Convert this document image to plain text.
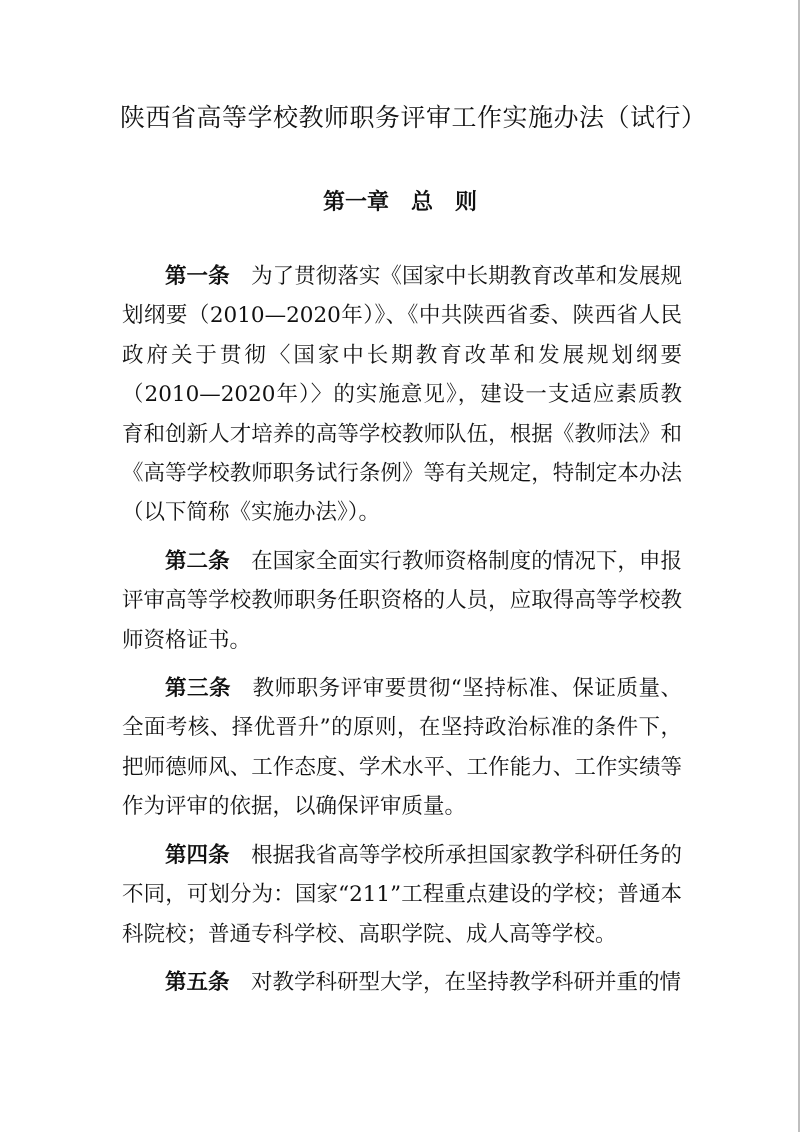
陕西省高等学校教师职务评审工作实施办法（试行）
第一章　总　则

第一条 为了贯彻落实《国家中长期教育改革和发展规划纲要（2010—2020年）》、《中共陕西省委、陕西省人民政府关于贯彻〈国家中长期教育改革和发展规划纲要（2010—2020年）〉的实施意见》，建设一支适应素质教育和创新人才培养的高等学校教师队伍，根据《教师法》和《高等学校教师职务试行条例》等有关规定，特制定本办法（以下简称《实施办法》）。

第二条 在国家全面实行教师资格制度的情况下，申报评审高等学校教师职务任职资格的人员，应取得高等学校教师资格证书。

第三条 教师职务评审要贯彻“坚持标准、保证质量、全面考核、择优晋升”的原则，在坚持政治标准的条件下，把师德师风、工作态度、学术水平、工作能力、工作实绩等作为评审的依据，以确保评审质量。

第四条 根据我省高等学校所承担国家教学科研任务的不同，可划分为：国家“211”工程重点建设的学校；普通本科院校；普通专科学校、高职学院、成人高等学校。

第五条 对教学科研型大学，在坚持教学科研并重的情
